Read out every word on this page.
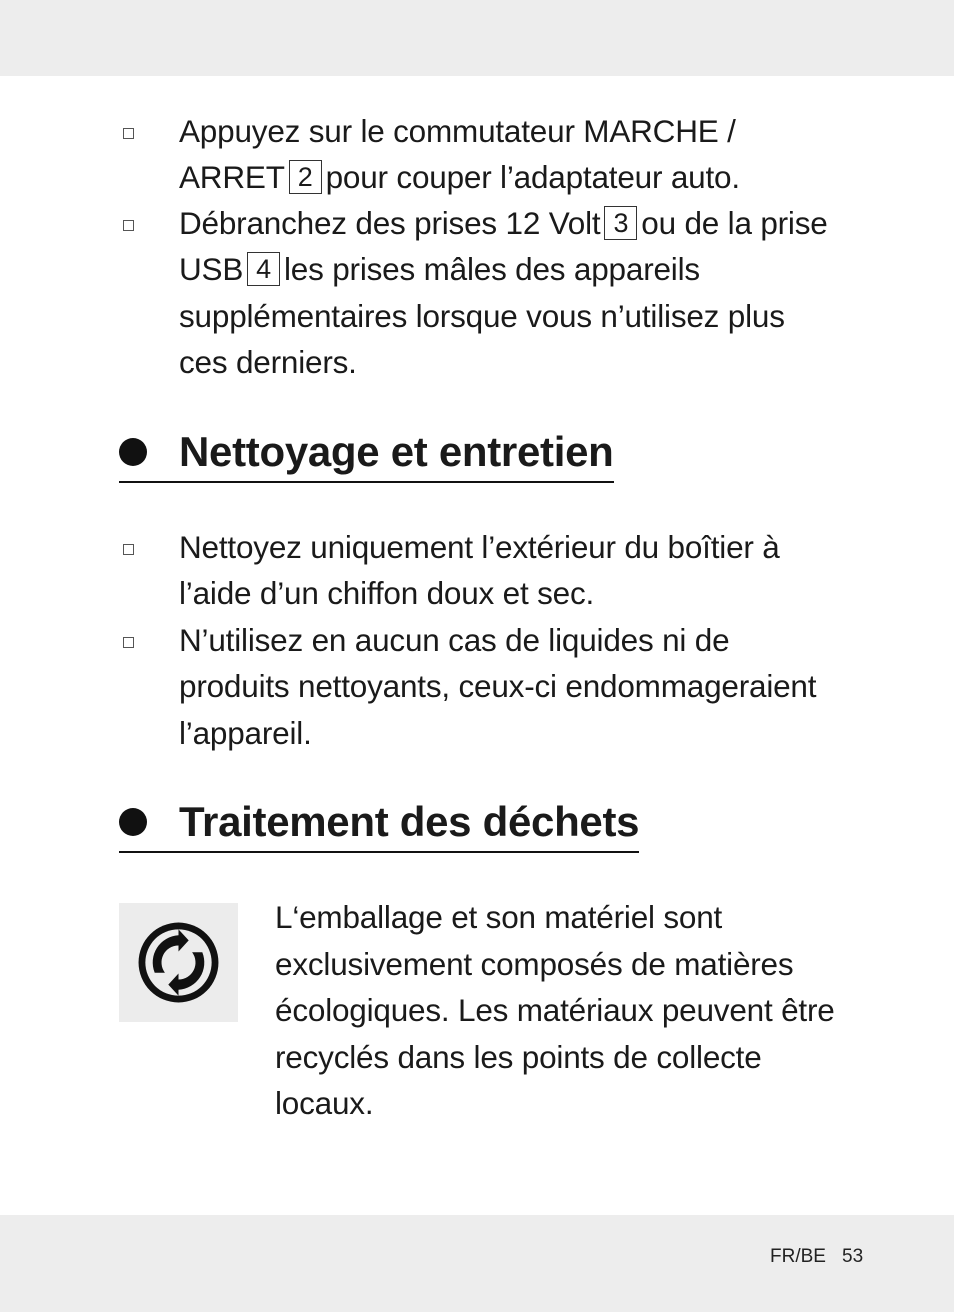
Appuyez sur le commutateur MARCHE / ARRET 2 pour couper l’adaptateur auto.
Débranchez des prises 12 Volt 3 ou de la prise USB 4 les prises mâles des appareils supplémentaires lorsque vous n’utilisez plus ces derniers.
Nettoyage et entretien
Nettoyez uniquement l’extérieur du boîtier à l’aide d’un chiffon doux et sec.
N’utilisez en aucun cas de liquides ni de produits nettoyants, ceux-ci endommageraient l’appareil.
Traitement des déchets
L‘emballage et son matériel sont exclusivement composés de matières écologiques. Les matériaux peuvent être recyclés dans les points de collecte locaux.
FR/BE 53
